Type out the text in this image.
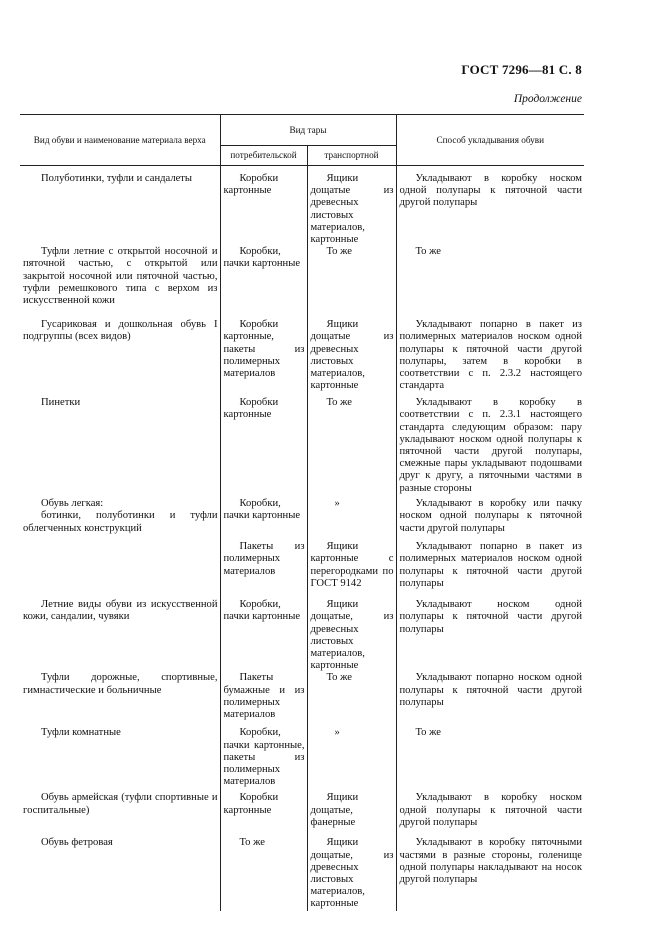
ГОСТ 7296—81 С. 8
Продолжение
Вид обуви и наименование материала верха	Вид тары		Способ укладывания обуви
	потребительской	транспортной	

Полуботинки, туфли и сандалеты	Коробки картонные	Ящики дощатые из древесных листовых материалов, картонные	Укладывают в коробку носком одной полупары к пяточной части другой полупары

Туфли летние с открытой носочной и пяточной частью, с открытой или закрытой носочной или пяточной частью, туфли ремешкового типа с верхом из искусственной кожи	Коробки, пачки картонные	То же	То же

Гусариковая и дошкольная обувь I подгруппы (всех видов)	Коробки картонные, пакеты из полимерных материалов	Ящики дощатые из древесных листовых материалов, картонные	Укладывают попарно в пакет из полимерных материалов носком одной полупары к пяточной части другой полупары, затем в коробки в соответствии с п. 2.3.2 настоящего стандарта

Пинетки	Коробки картонные	То же	Укладывают в коробку в соответствии с п. 2.3.1 настоящего стандарта следующим образом: пару укладывают носком одной полупары к пяточной части другой полупары, смежные пары укладывают подошвами друг к другу, а пяточными частями в разные стороны

Обувь легкая:
ботинки, полуботинки и туфли облегченных конструкций	Коробки, пачки картонные	»	Укладывают в коробку или пачку носком одной полупары к пяточной части другой полупары

	Пакеты из полимерных материалов	Ящики картонные с перегородками по ГОСТ 9142	Укладывают попарно в пакет из полимерных материалов носком одной полупары к пяточной части другой полупары

Летние виды обуви из искусственной кожи, сандалии, чувяки	Коробки, пачки картонные	Ящики дощатые, из древесных листовых материалов, картонные	Укладывают носком одной полупары к пяточной части другой полупары

Туфли дорожные, спортивные, гимнастические и больничные	Пакеты бумажные и из полимерных материалов	То же	Укладывают попарно носком одной полупары к пяточной части другой полупары

Туфли комнатные	Коробки, пачки картонные, пакеты из полимерных материалов	»	То же

Обувь армейская (туфли спортивные и госпитальные)	Коробки картонные	Ящики дощатые, фанерные	Укладывают в коробку носком одной полупары к пяточной части другой полупары

Обувь фетровая	То же	Ящики дощатые, из древесных листовых материалов, картонные	Укладывают в коробку пяточными частями в разные стороны, голенище одной полупары накладывают на носок другой полупары
